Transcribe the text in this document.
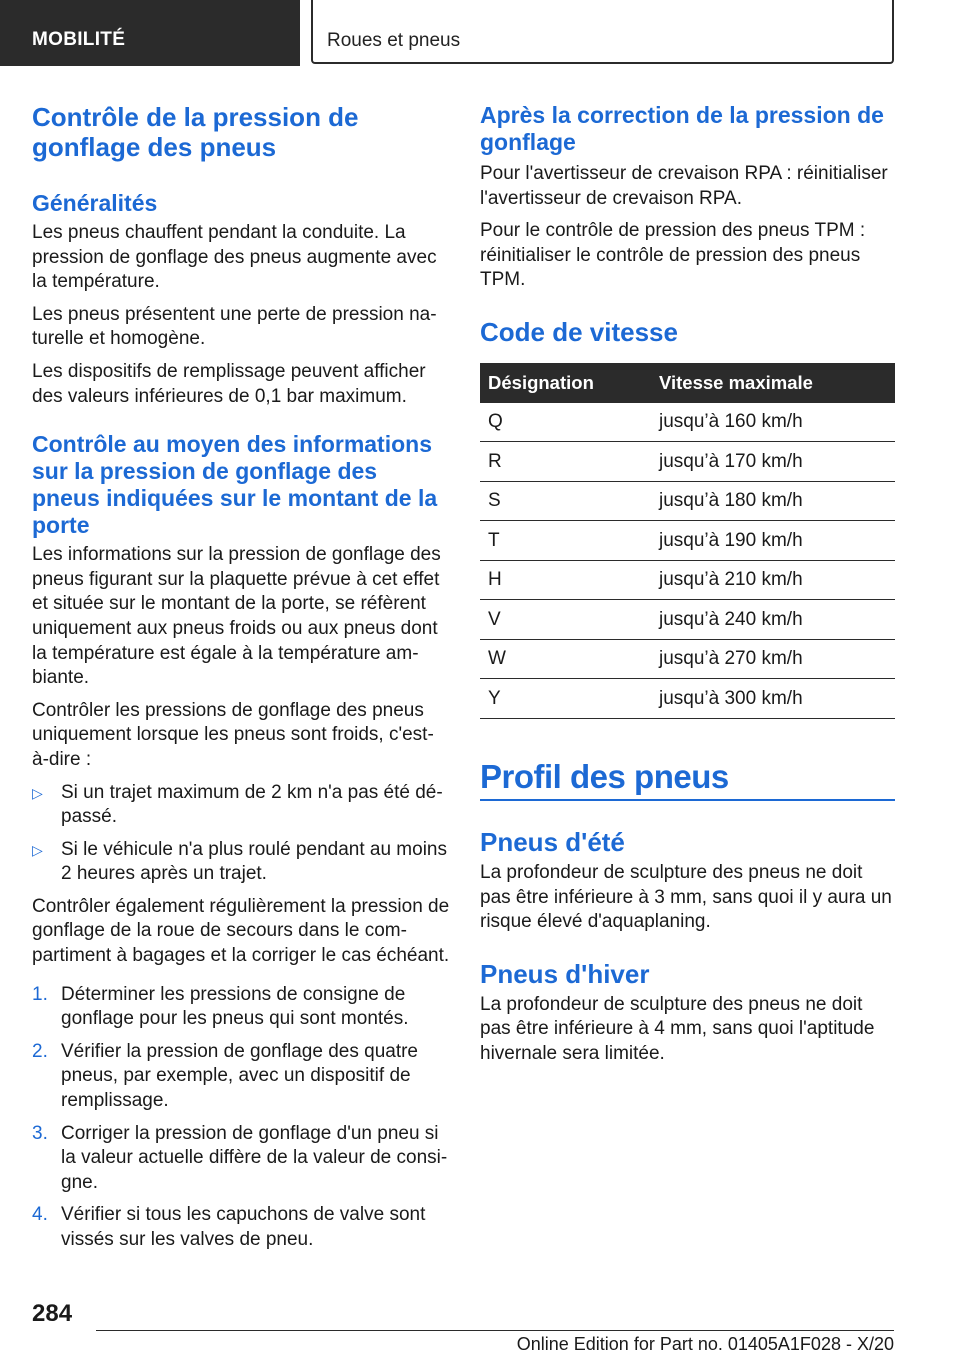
MOBILITÉ	Roues et pneus
Contrôle de la pression de
gonflage des pneus
Généralités

Les pneus chauffent pendant la conduite. La pression de gonflage des pneus augmente avec la température.

Les pneus présentent une perte de pression na-turelle et homogène.

Les dispositifs de remplissage peuvent afficher des valeurs inférieures de 0,1 bar maximum.

Contrôle au moyen des informations sur la pression de gonflage des pneus indiquées sur le montant de la porte

Les informations sur la pression de gonflage des pneus figurant sur la plaquette prévue à cet effet et située sur le montant de la porte, se réfèrent uniquement aux pneus froids ou aux pneus dont la température est égale à la température am-biante.

Contrôler les pressions de gonflage des pneus uniquement lorsque les pneus sont froids, c'est-à-dire :

▷ Si un trajet maximum de 2 km n'a pas été dé-passé.
▷ Si le véhicule n'a plus roulé pendant au moins 2 heures après un trajet.

Contrôler également régulièrement la pression de gonflage de la roue de secours dans le com-partiment à bagages et la corriger le cas échéant.

1. Déterminer les pressions de consigne de gonflage pour les pneus qui sont montés.
2. Vérifier la pression de gonflage des quatre pneus, par exemple, avec un dispositif de remplissage.
3. Corriger la pression de gonflage d'un pneu si la valeur actuelle diffère de la valeur de consi-gne.
4. Vérifier si tous les capuchons de valve sont vissés sur les valves de pneu.
Après la correction de la pression de gonflage

Pour l'avertisseur de crevaison RPA : réinitialiser l'avertisseur de crevaison RPA.

Pour le contrôle de pression des pneus TPM : réinitialiser le contrôle de pression des pneus TPM.

Code de vitesse
Désignation	Vitesse maximale
Q	jusqu’à 160 km/h
R	jusqu’à 170 km/h
S	jusqu’à 180 km/h
T	jusqu’à 190 km/h
H	jusqu’à 210 km/h
V	jusqu’à 240 km/h
W	jusqu’à 270 km/h
Y	jusqu’à 300 km/h
Profil des pneus
Pneus d'été

La profondeur de sculpture des pneus ne doit pas être inférieure à 3 mm, sans quoi il y aura un risque élevé d'aquaplaning.

Pneus d'hiver

La profondeur de sculpture des pneus ne doit pas être inférieure à 4 mm, sans quoi l'aptitude hivernale sera limitée.

284
Online Edition for Part no. 01405A1F028 - X/20
